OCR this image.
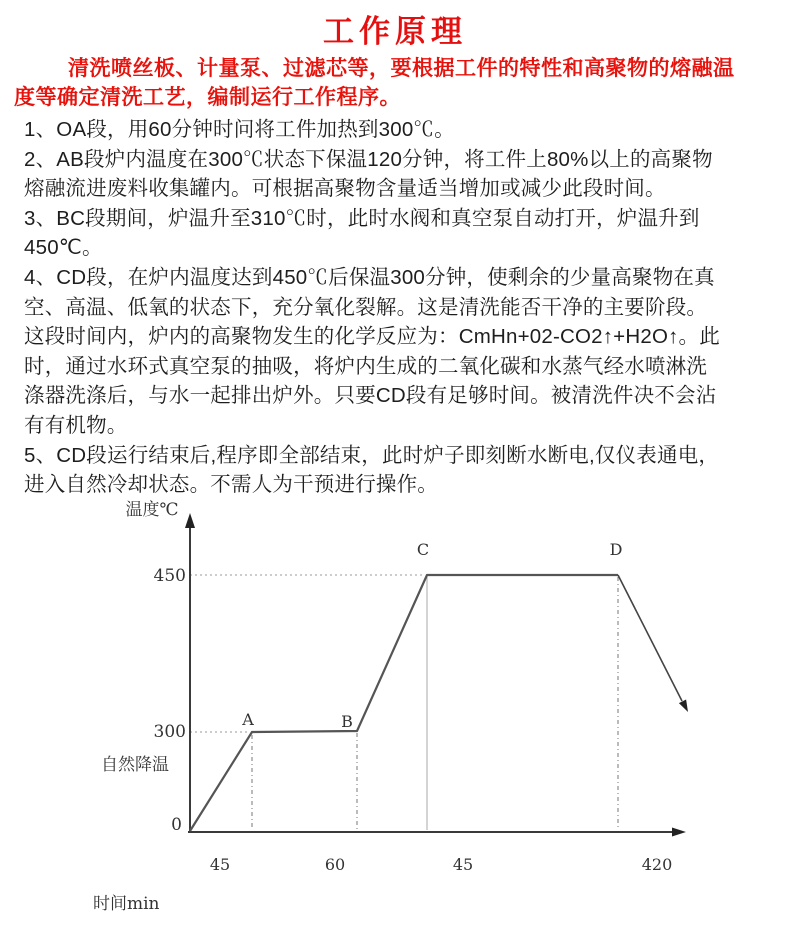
工作原理
清洗喷丝板、计量泵、过滤芯等，要根据工件的特性和高聚物的熔融温
度等确定清洗工艺，编制运行工作程序。
1、OA段，用60分钟时问将工件加热到300℃。
2、AB段炉内温度在300℃状态下保温120分钟，将工件上80%以上的高聚物
熔融流进废料收集罐内。可根据高聚物含量适当增加或减少此段时间。
3、BC段期间，炉温升至310℃时，此时水阀和真空泵自动打开，炉温升到
450℃。
4、CD段，在炉内温度达到450℃后保温300分钟，使剩余的少量高聚物在真
空、高温、低氧的状态下，充分氧化裂解。这是清洗能否干净的主要阶段。
这段时间内，炉内的高聚物发生的化学反应为：CmHn+02-CO2↑+H2O↑。此
时，通过水环式真空泵的抽吸，将炉内生成的二氧化碳和水蒸气经水喷淋洗
涤器洗涤后，与水一起排出炉外。只要CD段有足够时间。被清洗件决不会沾
有有机物。
5、CD段运行结束后,程序即全部结束，此时炉子即刻断水断电,仅仪表通电，
进入自然冷却状态。不需人为干预进行操作。
温度℃
450
300
0
自然降温
时间min
A	B
C	D
45	60	45	420
